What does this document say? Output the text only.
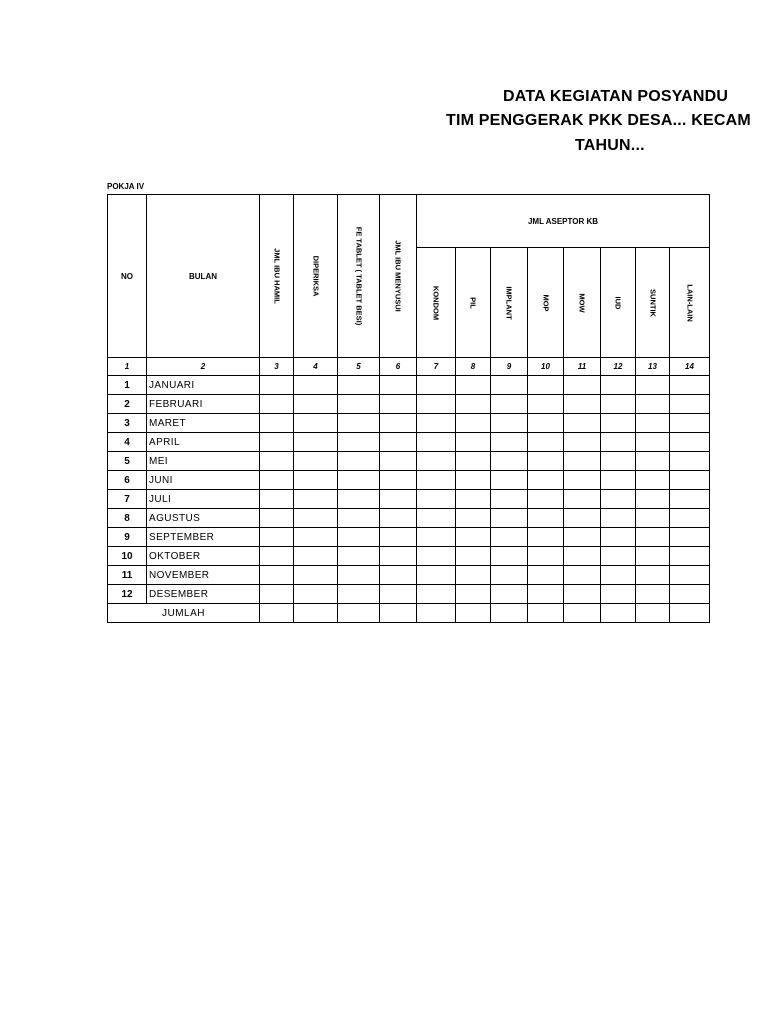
DATA KEGIATAN POSYANDU
TIM PENGGERAK PKK DESA... KECAM
TAHUN...
POKJA IV
NO	BULAN	JML IBU HAMIL	DIPERIKSA	FE TABLET ( TABLET BESI)	JML IBU MENYUSUI	JML ASEPTOR KB							

						KONDOM	PIL	IMPLANT	MOP	MOW	IUD	SUNTIK	LAIN-LAIN

1	2	3	4	5	6	7	8	9	10	11	12	13	14
1	JANUARI												
2	FEBRUARI												
3	MARET												
4	APRIL												
5	MEI												
6	JUNI												
7	JULI												
8	AGUSTUS												
9	SEPTEMBER												
10	OKTOBER												
11	NOVEMBER												
12	DESEMBER												
JUMLAH													
